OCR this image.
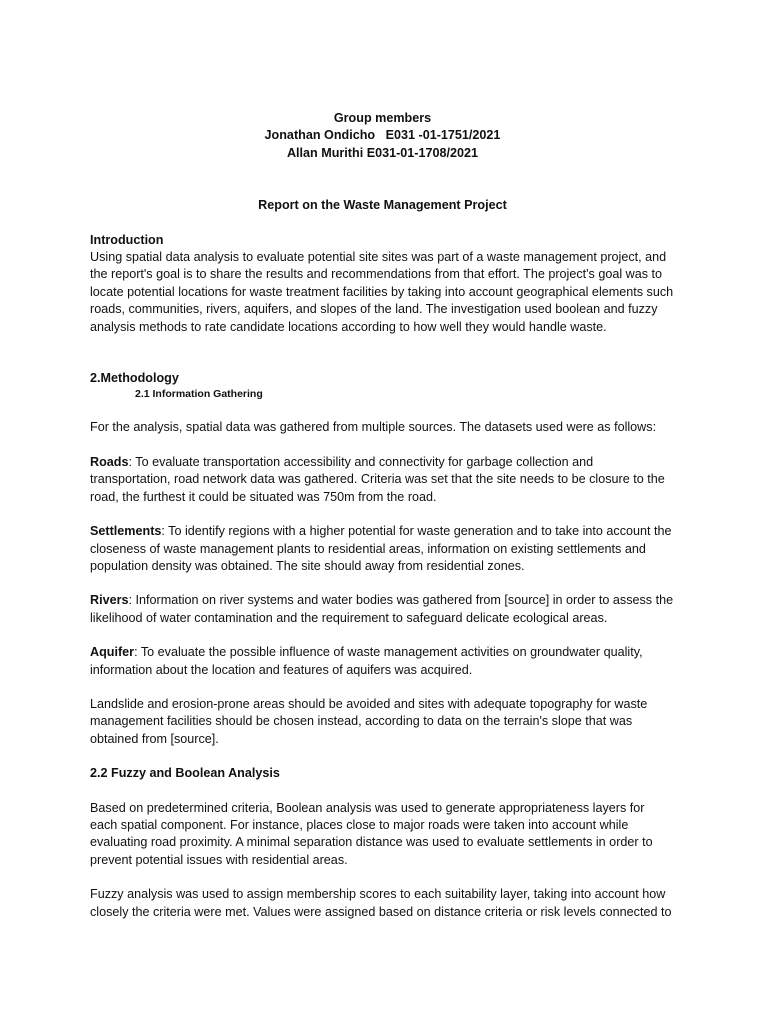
Group members
Jonathan Ondicho   E031 -01-1751/2021
Allan Murithi E031-01-1708/2021
Report on the Waste Management Project
Introduction

Using spatial data analysis to evaluate potential site sites was part of a waste management project, and the report's goal is to share the results and recommendations from that effort. The project's goal was to locate potential locations for waste treatment facilities by taking into account geographical elements such roads, communities, rivers, aquifers, and slopes of the land. The investigation used boolean and fuzzy analysis methods to rate candidate locations according to how well they would handle waste.

2.Methodology
2.1 Information Gathering

For the analysis, spatial data was gathered from multiple sources. The datasets used were as follows:

Roads: To evaluate transportation accessibility and connectivity for garbage collection and transportation, road network data was gathered. Criteria was set that the site needs to be closure to the road, the furthest it could be situated was 750m from the road.

Settlements: To identify regions with a higher potential for waste generation and to take into account the closeness of waste management plants to residential areas, information on existing settlements and population density was obtained. The site should away from residential zones.

Rivers: Information on river systems and water bodies was gathered from [source] in order to assess the likelihood of water contamination and the requirement to safeguard delicate ecological areas.

Aquifer: To evaluate the possible influence of waste management activities on groundwater quality, information about the location and features of aquifers was acquired.

Landslide and erosion-prone areas should be avoided and sites with adequate topography for waste management facilities should be chosen instead, according to data on the terrain's slope that was obtained from [source].

2.2 Fuzzy and Boolean Analysis

Based on predetermined criteria, Boolean analysis was used to generate appropriateness layers for each spatial component. For instance, places close to major roads were taken into account while evaluating road proximity. A minimal separation distance was used to evaluate settlements in order to prevent potential issues with residential areas.

Fuzzy analysis was used to assign membership scores to each suitability layer, taking into account how closely the criteria were met. Values were assigned based on distance criteria or risk levels connected to
